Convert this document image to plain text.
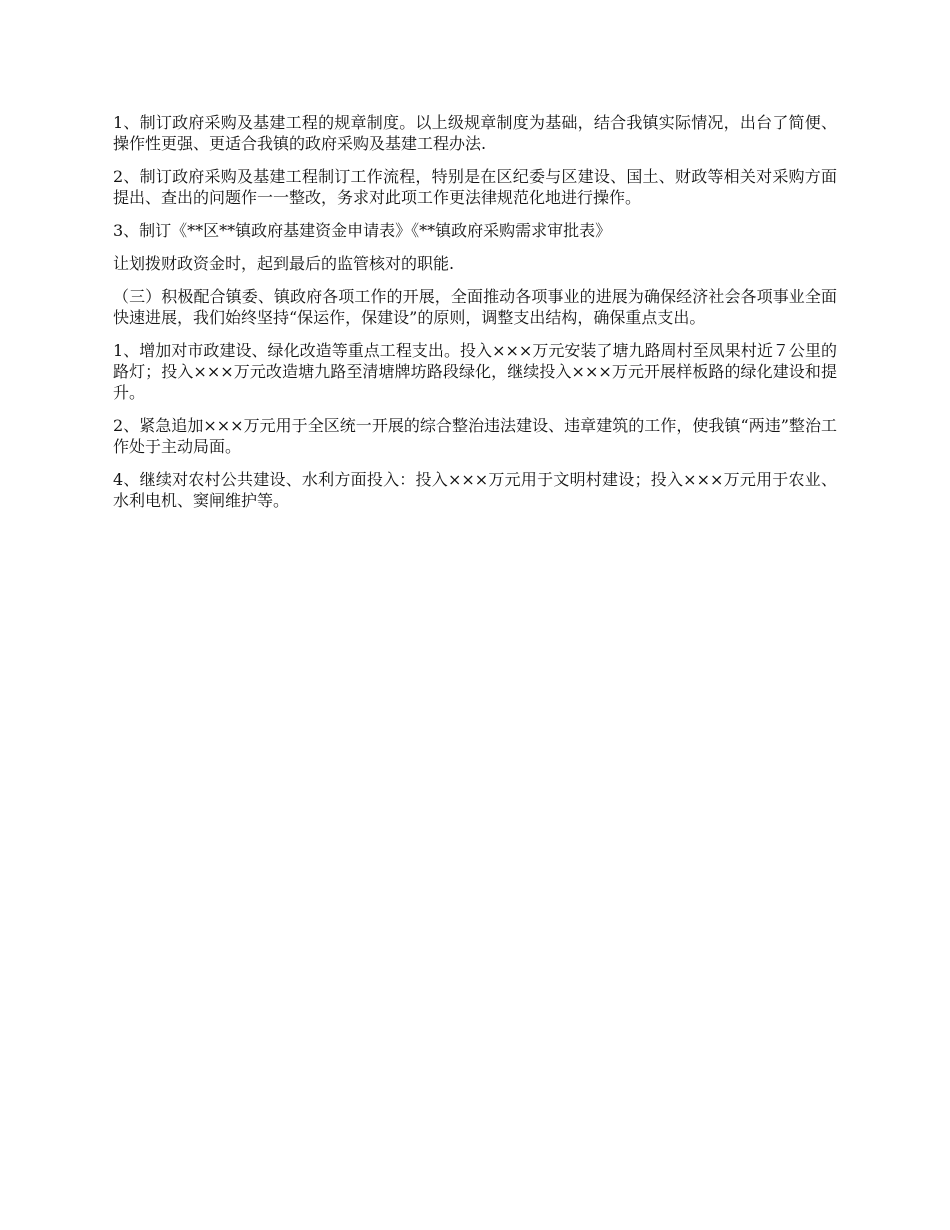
1、制订政府采购及基建工程的规章制度。以上级规章制度为基础，结合我镇实际情况，出台了简便、操作性更强、更适合我镇的政府采购及基建工程办法.

2、制订政府采购及基建工程制订工作流程，特别是在区纪委与区建设、国土、财政等相关对采购方面提出、查出的问题作一一整改，务求对此项工作更法律规范化地进行操作。

3、制订《**区**镇政府基建资金申请表》《**镇政府采购需求审批表》

让划拨财政资金时，起到最后的监管核对的职能.

（三）积极配合镇委、镇政府各项工作的开展，全面推动各项事业的进展为确保经济社会各项事业全面快速进展，我们始终坚持“保运作，保建设”的原则，调整支出结构，确保重点支出。

1、增加对市政建设、绿化改造等重点工程支出。投入×××万元安装了塘九路周村至凤果村近７公里的路灯；投入×××万元改造塘九路至清塘牌坊路段绿化，继续投入×××万元开展样板路的绿化建设和提升。

2、紧急追加×××万元用于全区统一开展的综合整治违法建设、违章建筑的工作，使我镇“两违”整治工作处于主动局面。

4、继续对农村公共建设、水利方面投入：投入×××万元用于文明村建设；投入×××万元用于农业、水利电机、窦闸维护等。
